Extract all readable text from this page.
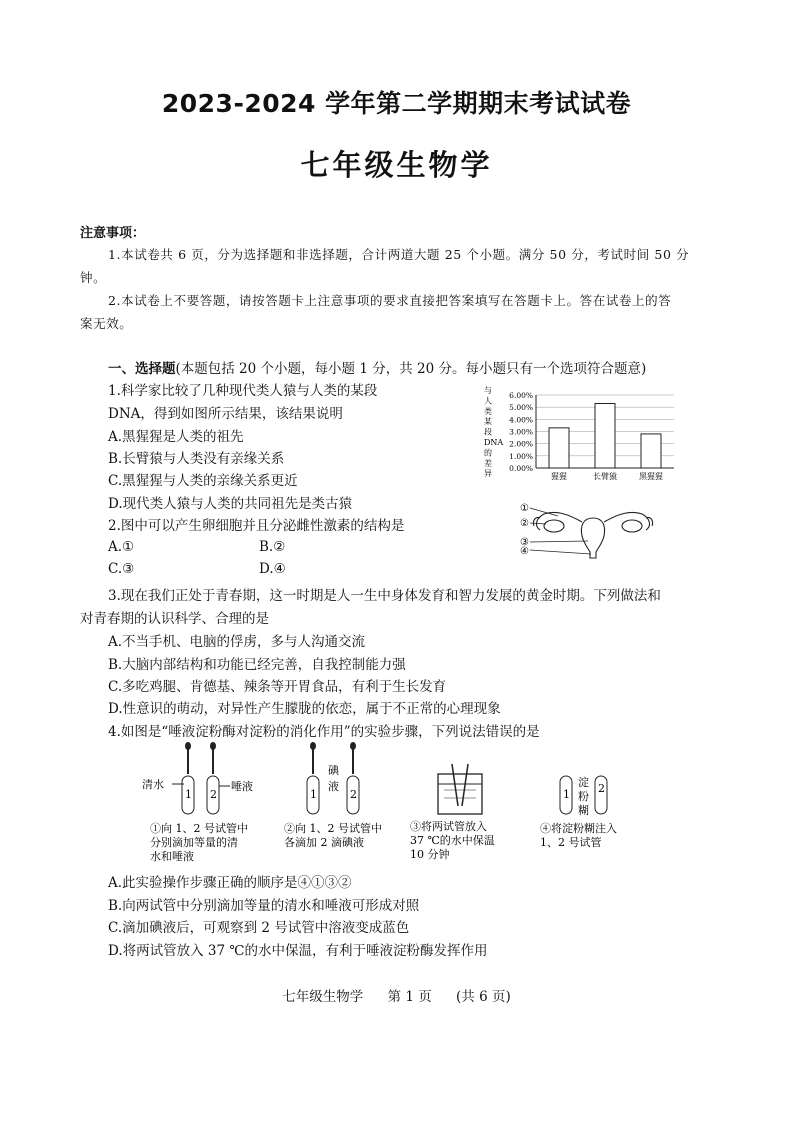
2023-2024 学年第二学期期末考试试卷
七年级生物学
注意事项：
1.本试卷共 6 页，分为选择题和非选择题，合计两道大题 25 个小题。满分 50 分，考试时间 50 分
钟。
2.本试卷上不要答题，请按答题卡上注意事项的要求直接把答案填写在答题卡上。答在试卷上的答
案无效。
一、选择题(本题包括 20 个小题，每小题 1 分，共 20 分。每小题只有一个选项符合题意)
1.科学家比较了几种现代类人猿与人类的某段
DNA，得到如图所示结果，该结果说明
A.黑猩猩是人类的祖先
B.长臂猿与人类没有亲缘关系
C.黑猩猩与人类的亲缘关系更近
D.现代类人猿与人类的共同祖先是类古猿
与
人
类
某
段
DNA
的
差
异
6.00%
5.00%
4.00%
3.00%
2.00%
1.00%
0.00%
猩猩	长臂猿	黑猩猩
2.图中可以产生卵细胞并且分泌雌性激素的结构是
A.①	B.②
C.③	D.④
①
②
③
④
3.现在我们正处于青春期，这一时期是人一生中身体发育和智力发展的黄金时期。下列做法和
对青春期的认识科学、合理的是
A.不当手机、电脑的俘虏，多与人沟通交流
B.大脑内部结构和功能已经完善，自我控制能力强
C.多吃鸡腿、肯德基、辣条等开胃食品，有利于生长发育
D.性意识的萌动，对异性产生朦胧的依恋，属于不正常的心理现象
4.如图是“唾液淀粉酶对淀粉的消化作用”的实验步骤，下列说法错误的是
清水
1 2
唾液
1	2
碘
液
1	2
淀
粉
糊
①向 1、2 号试管中
分别滴加等量的清
水和唾液
②向 1、2 号试管中
各滴加 2 滴碘液
③将两试管放入
37 ℃的水中保温
10 分钟
④将淀粉糊注入
1、2 号试管
A.此实验操作步骤正确的顺序是④①③②
B.向两试管中分别滴加等量的清水和唾液可形成对照
C.滴加碘液后，可观察到 2 号试管中溶液变成蓝色
D.将两试管放入 37 ℃的水中保温，有利于唾液淀粉酶发挥作用
七年级生物学 第 1 页 (共 6 页)
